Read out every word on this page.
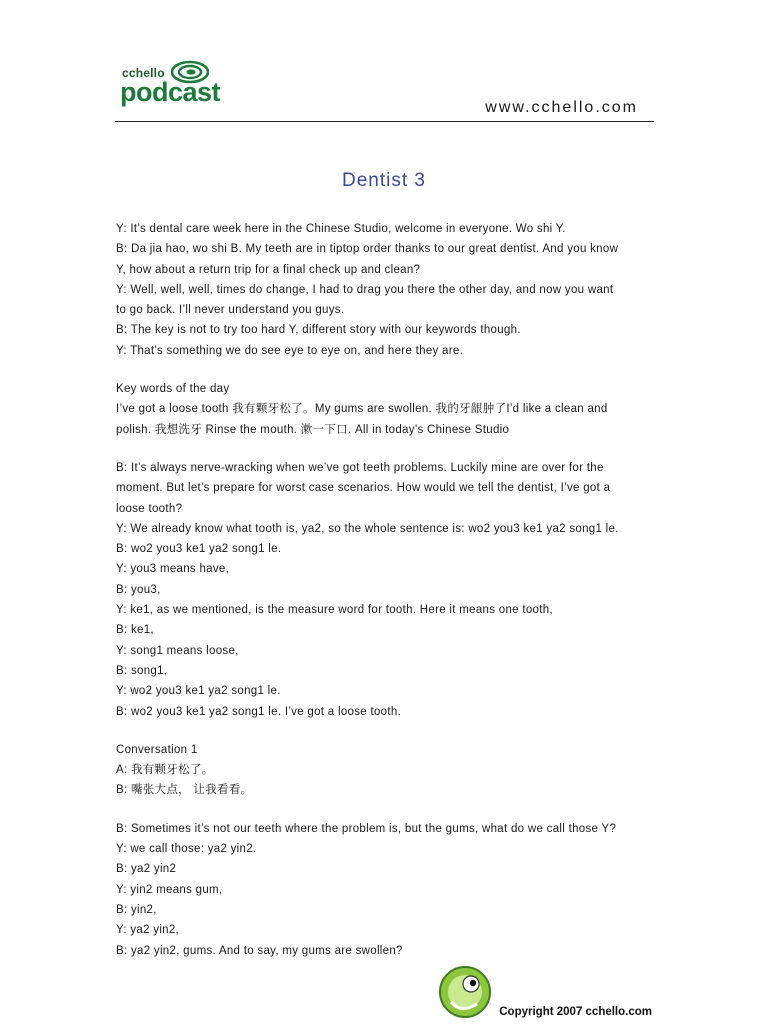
cchello
podcast
www.cchello.com
Dentist 3
Y: It’s dental care week here in the Chinese Studio, welcome in everyone. Wo shi Y.
B: Da jia hao, wo shi B. My teeth are in tiptop order thanks to our great dentist. And you know
Y, how about a return trip for a final check up and clean?
Y: Well, well, well, times do change, I had to drag you there the other day, and now you want
to go back. I’ll never understand you guys.
B: The key is not to try too hard Y, different story with our keywords though.
Y: That’s something we do see eye to eye on, and here they are.
Key words of the day
I’ve got a loose tooth 我有颗牙松了。My gums are swollen. 我的牙龈肿了I’d like a clean and
polish. 我想洗牙 Rinse the mouth. 漱一下口. All in today’s Chinese Studio
B: It’s always nerve-wracking when we’ve got teeth problems. Luckily mine are over for the
moment. But let’s prepare for worst case scenarios. How would we tell the dentist, I’ve got a
loose tooth?
Y: We already know what tooth is, ya2, so the whole sentence is: wo2 you3 ke1 ya2 song1 le.
B: wo2 you3 ke1 ya2 song1 le.
Y: you3 means have,
B: you3,
Y: ke1, as we mentioned, is the measure word for tooth. Here it means one tooth,
B: ke1,
Y: song1 means loose,
B: song1,
Y: wo2 you3 ke1 ya2 song1 le.
B: wo2 you3 ke1 ya2 song1 le. I’ve got a loose tooth.
Conversation 1
A: 我有颗牙松了。
B: 嘴张大点， 让我看看。
B: Sometimes it’s not our teeth where the problem is, but the gums, what do we call those Y?
Y: we call those: ya2 yin2.
B: ya2 yin2
Y: yin2 means gum,
B: yin2,
Y: ya2 yin2,
B: ya2 yin2, gums. And to say, my gums are swollen?
Copyright 2007 cchello.com
